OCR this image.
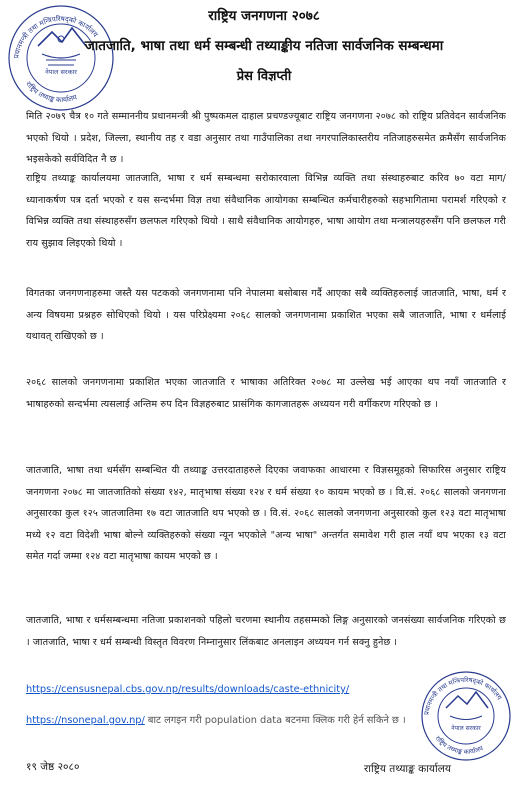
प्रधानमन्त्री तथा मन्त्रिपरिषद्को कार्यालय
नेपाल सरकार
राष्ट्रिय तथ्याङ्क कार्यालय
राष्ट्रिय जनगणना २०७८
जातजाति, भाषा तथा धर्म सम्बन्धी तथ्याङ्कीय नतिजा सार्वजनिक सम्बन्धमा
प्रेस विज्ञप्ती
मिति २०७९ चैत्र १० गते सम्माननीय प्रधानमन्त्री श्री पुष्पकमल दाहाल प्रचण्डज्यूबाट राष्ट्रिय जनगणना २०७८ को राष्ट्रिय प्रतिवेदन सार्वजनिक भएको थियो । प्रदेश, जिल्ला, स्थानीय तह र वडा अनुसार तथा गाउँपालिका तथा नगरपालिकास्तरीय नतिजाहरुसमेत क्रमैसँग सार्वजनिक भइसकेको सर्वविदित नै छ ।
राष्ट्रिय तथ्याङ्क कार्यालयमा जातजाति, भाषा र धर्म सम्बन्धमा सरोकारवाला विभिन्न व्यक्ति तथा संस्थाहरुबाट करिव ७० वटा माग/ध्यानाकर्षण पत्र दर्ता भएको र यस सन्दर्भमा विज्ञ तथा संवैधानिक आयोगका सम्बन्धित कर्मचारीहरुको सहभागितामा परामर्श गरिएको र विभिन्न व्यक्ति तथा संस्थाहरुसँग छलफल गरिएको थियो । साथै संवैधानिक आयोगहरु, भाषा आयोग तथा मन्त्रालयहरुसँग पनि छलफल गरी राय सुझाव लिइएको थियो ।
विगतका जनगणनाहरुमा जस्तै यस पटकको जनगणनामा पनि नेपालमा बसोबास गर्दै आएका सबै व्यक्तिहरुलाई जातजाति, भाषा, धर्म र अन्य विषयमा प्रश्नहरु सोधिएको थियो । यस परिप्रेक्ष्यमा २०६८ सालको जनगणनामा प्रकाशित भएका सबै जातजाति, भाषा र धर्मलाई यथावत् राखिएको छ ।
२०६८ सालको जनगणनामा प्रकाशित भएका जातजाति र भाषाका अतिरिक्त २०७८ मा उल्लेख भई आएका थप नयाँ जातजाति र भाषाहरुको सन्दर्भमा त्यसलाई अन्तिम रुप दिन विज्ञहरुबाट प्रासंगिक कागजातहरू अध्ययन गरी वर्गीकरण गरिएको छ ।
जातजाति, भाषा तथा धर्मसँग सम्बन्धित यी तथ्याङ्क उत्तरदाताहरुले दिएका जवाफका आधारमा र विज्ञसमूहको सिफारिस अनुसार राष्ट्रिय जनगणना २०७८ मा जातजातिको संख्या १४२, मातृभाषा संख्या १२४ र धर्म संख्या १० कायम भएको छ । वि.सं. २०६८ सालको जनगणना अनुसारका कुल १२५ जातजातिमा १७ वटा जातजाति थप भएको छ । वि.सं. २०६८ सालको जनगणना अनुसारको कुल १२३ वटा मातृभाषा मध्ये १२ वटा विदेशी भाषा बोल्ने व्यक्तिहरुको संख्या न्यून भएकोले "अन्य भाषा" अन्तर्गत समावेश गरी हाल नयाँ थप भएका १३ वटा समेत गर्दा जम्मा १२४ वटा मातृभाषा कायम भएको छ ।
जातजाति, भाषा र धर्मसम्बन्धमा नतिजा प्रकाशनको पहिलो चरणमा स्थानीय तहसम्मको लिङ्ग अनुसारको जनसंख्या सार्वजनिक गरिएको छ । जातजाति, भाषा र धर्म सम्बन्धी विस्तृत विवरण निम्नानुसार लिंकबाट अनलाइन अध्ययन गर्न सक्नु हुनेछ ।
https://censusnepal.cbs.gov.np/results/downloads/caste-ethnicity/
https://nsonepal.gov.np/ बाट लगइन गरी population data बटनमा क्लिक गरी हेर्न सकिने छ ।
प्रधानमन्त्री तथा मन्त्रिपरिषद्को कार्यालय
नेपाल सरकार
राष्ट्रिय तथ्याङ्क कार्यालय
१९ जेष्ठ २०८०	राष्ट्रिय तथ्याङ्क कार्यालय
